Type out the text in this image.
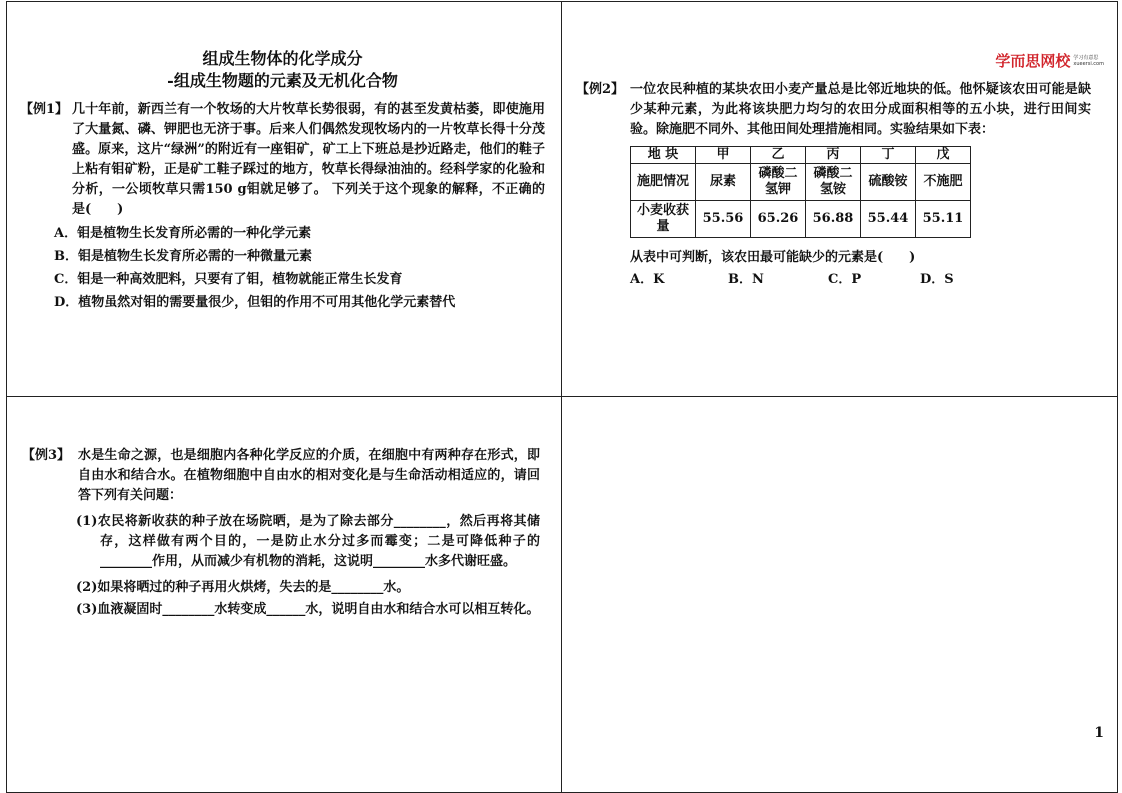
组成生物体的化学成分
-组成生物题的元素及无机化合物
【例1】 几十年前，新西兰有一个牧场的大片牧草长势很弱，有的甚至发黄枯萎，即使施用了大量氮、磷、钾肥也无济于事。后来人们偶然发现牧场内的一片牧草长得十分茂盛。原来，这片“绿洲”的附近有一座钼矿，矿工上下班总是抄近路走，他们的鞋子上粘有钼矿粉，正是矿工鞋子踩过的地方，牧草长得绿油油的。经科学家的化验和分析，一公顷牧草只需150 g钼就足够了。 下列关于这个现象的解释，不正确的是(　　)
A．钼是植物生长发育所必需的一种化学元素
B．钼是植物生长发育所必需的一种微量元素
C．钼是一种高效肥料，只要有了钼，植物就能正常生长发育
D．植物虽然对钼的需要量很少，但钼的作用不可用其他化学元素替代
学而思网校 学习有意思
xueersi.com
【例2】 一位农民种植的某块农田小麦产量总是比邻近地块的低。他怀疑该农田可能是缺少某种元素，为此将该块肥力均匀的农田分成面积相等的五小块，进行田间实验。除施肥不同外、其他田间处理措施相同。实验结果如下表：
地 块	甲	乙	丙	丁	戊
施肥情况	尿素	磷酸二氢钾	磷酸二氢铵	硫酸铵	不施肥
小麦收获量	55.56	65.26	56.88	55.44	55.11
从表中可判断，该农田最可能缺少的元素是(　　)
A．K	B．N	C．P	D．S
【例3】 水是生命之源，也是细胞内各种化学反应的介质，在细胞中有两种存在形式，即自由水和结合水。在植物细胞中自由水的相对变化是与生命活动相适应的，请回答下列有关问题：
(1)农民将新收获的种子放在场院晒，是为了除去部分________，然后再将其储存，这样做有两个目的，一是防止水分过多而霉变；二是可降低种子的________作用，从而减少有机物的消耗，这说明________水多代谢旺盛。
(2)如果将晒过的种子再用火烘烤，失去的是________水。
(3)血液凝固时________水转变成______水，说明自由水和结合水可以相互转化。
1
